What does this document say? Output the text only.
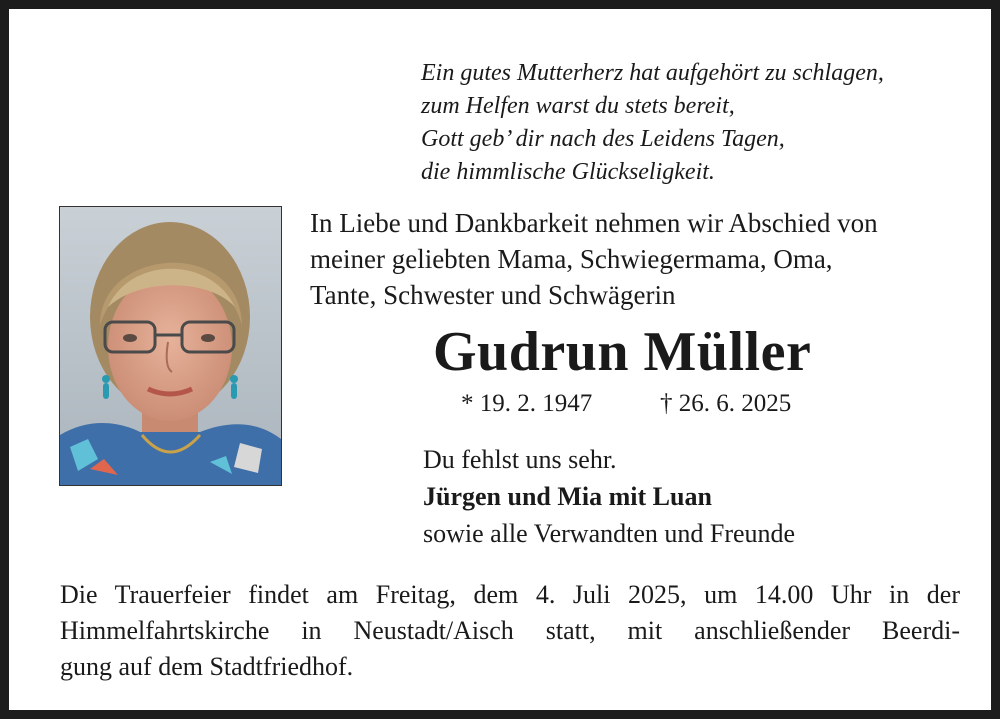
Ein gutes Mutterherz hat aufgehört zu schlagen,
zum Helfen warst du stets bereit,
Gott geb’ dir nach des Leidens Tagen,
die himmlische Glückseligkeit.
In Liebe und Dankbarkeit nehmen wir Abschied von
meiner geliebten Mama, Schwiegermama, Oma,
Tante, Schwester und Schwägerin
Gudrun Müller
* 19. 2. 1947	† 26. 6. 2025
Du fehlst uns sehr.
Jürgen und Mia mit Luan
sowie alle Verwandten und Freunde
Die Trauerfeier findet am Freitag, dem 4. Juli 2025, um 14.00 Uhr in der
Himmelfahrtskirche in Neustadt/Aisch statt, mit anschließender Beerdi-
gung auf dem Stadtfriedhof.
